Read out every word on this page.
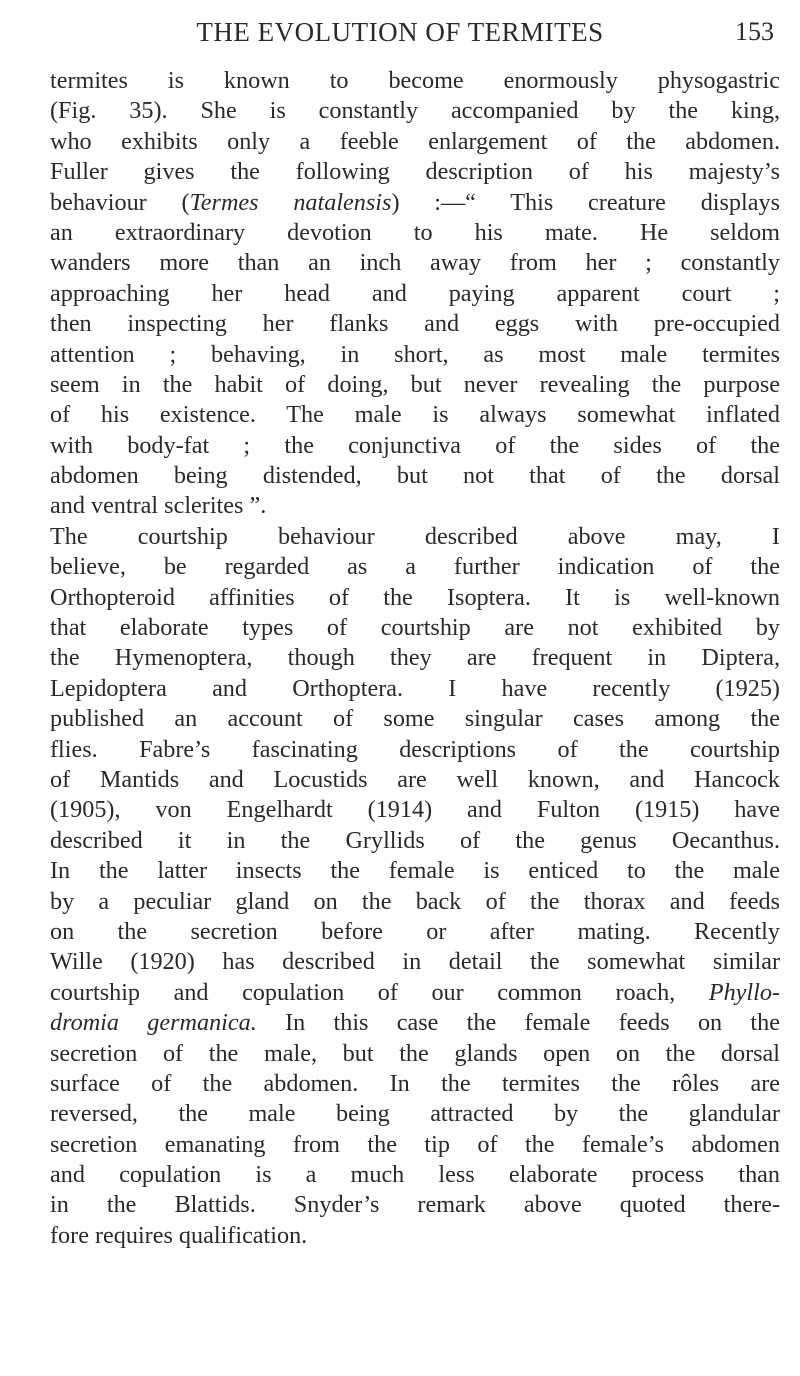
THE EVOLUTION OF TERMITES	153
termites is known to become enormously physogastric
(Fig. 35). She is constantly accompanied by the king,
who exhibits only a feeble enlargement of the abdomen.
Fuller gives the following description of his majesty’s
behaviour (Termes natalensis) :—“ This creature displays
an extraordinary devotion to his mate. He seldom
wanders more than an inch away from her ; constantly
approaching her head and paying apparent court ;
then inspecting her flanks and eggs with pre-occupied
attention ; behaving, in short, as most male termites
seem in the habit of doing, but never revealing the purpose
of his existence. The male is always somewhat inflated
with body-fat ; the conjunctiva of the sides of the
abdomen being distended, but not that of the dorsal
and ventral sclerites ”.
The courtship behaviour described above may, I
believe, be regarded as a further indication of the
Orthopteroid affinities of the Isoptera. It is well-known
that elaborate types of courtship are not exhibited by
the Hymenoptera, though they are frequent in Diptera,
Lepidoptera and Orthoptera. I have recently (1925)
published an account of some singular cases among the
flies. Fabre’s fascinating descriptions of the courtship
of Mantids and Locustids are well known, and Hancock
(1905), von Engelhardt (1914) and Fulton (1915) have
described it in the Gryllids of the genus Oecanthus.
In the latter insects the female is enticed to the male
by a peculiar gland on the back of the thorax and feeds
on the secretion before or after mating. Recently
Wille (1920) has described in detail the somewhat similar
courtship and copulation of our common roach, Phyllo-
dromia germanica. In this case the female feeds on the
secretion of the male, but the glands open on the dorsal
surface of the abdomen. In the termites the rôles are
reversed, the male being attracted by the glandular
secretion emanating from the tip of the female’s abdomen
and copulation is a much less elaborate process than
in the Blattids. Snyder’s remark above quoted there-
fore requires qualification.
